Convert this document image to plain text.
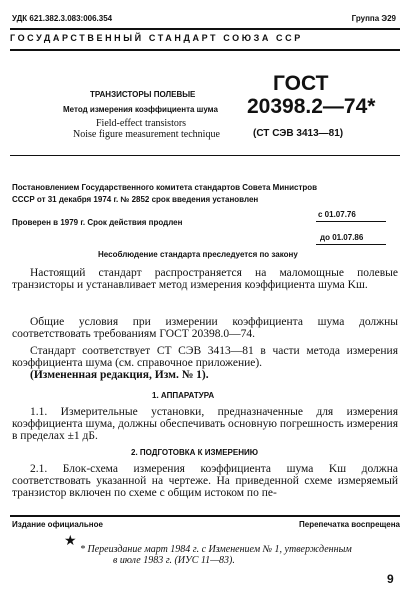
УДК 621.382.3.083:006.354	Группа Э29
ГОСУДАРСТВЕННЫЙ СТАНДАРТ СОЮЗА ССР
ТРАНЗИСТОРЫ ПОЛЕВЫЕ
Метод измерения коэффициента шума
Field-effect transistors
Noise figure measurement technique
ГОСТ
20398.2—74*
(СТ СЭВ 3413—81)
Постановлением Государственного комитета стандартов Совета Министров
СССР от 31 декабря 1974 г. № 2852 срок введения установлен
с 01.07.76
Проверен в 1979 г. Срок действия продлен
до 01.07.86
Несоблюдение стандарта преследуется по закону
Настоящий стандарт распространяется на маломощные полевые транзисторы и устанавливает метод измерения коэффициента шума Kш.
Общие условия при измерении коэффициента шума должны соответствовать требованиям ГОСТ 20398.0—74.
Стандарт соответствует СТ СЭВ 3413—81 в части метода измерения коэффициента шума (см. справочное приложение).
(Измененная редакция, Изм. № 1).
1. АППАРАТУРА
1.1. Измерительные установки, предназначенные для измерения коэффициента шума, должны обеспечивать основную погрешность измерения в пределах ±1 дБ.
2. ПОДГОТОВКА К ИЗМЕРЕНИЮ
2.1. Блок-схема измерения коэффициента шума Kш должна соответствовать указанной на чертеже. На приведенной схеме измеряемый транзистор включен по схеме с общим истоком по пе-
Издание официальное	Перепечатка воспрещена
★
* Переиздание март 1984 г. с Изменением № 1, утвержденным
в июле 1983 г. (ИУС 11—83).
9
